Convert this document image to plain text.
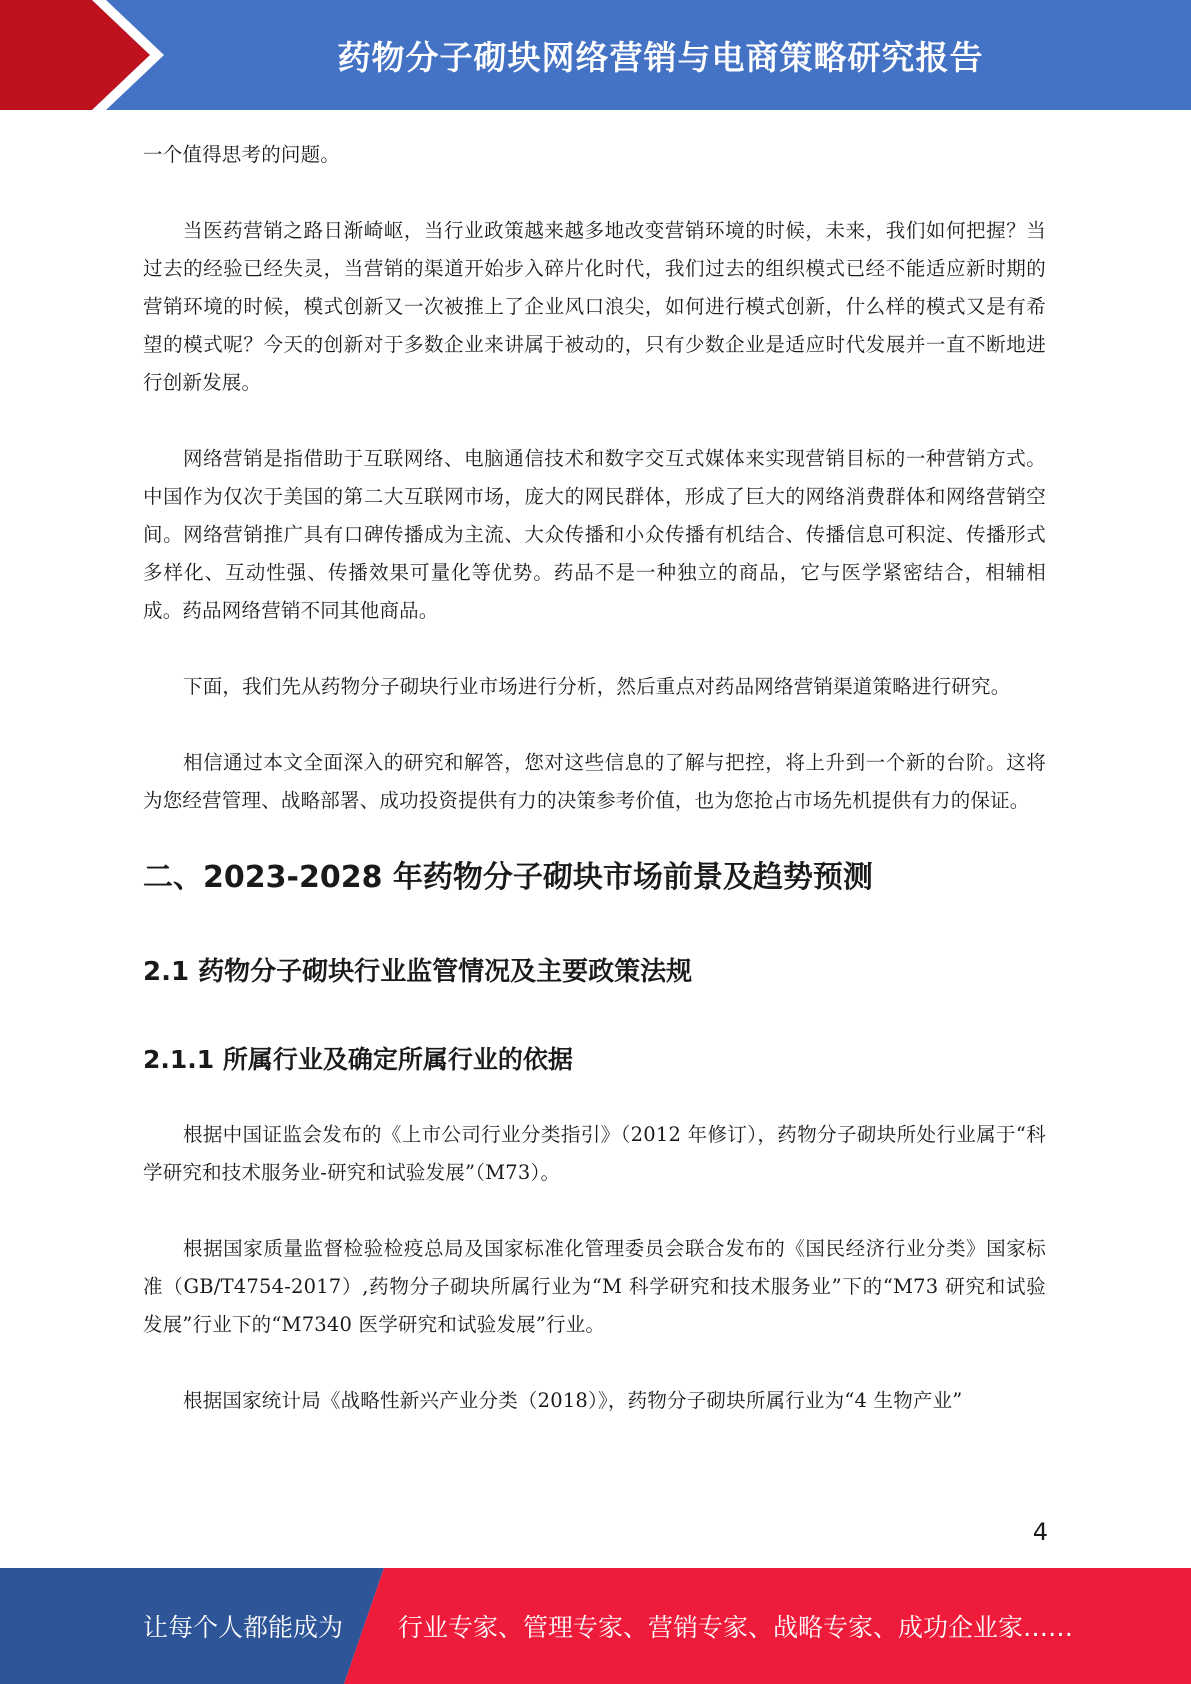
药物分子砌块网络营销与电商策略研究报告

一个值得思考的问题。

当医药营销之路日渐崎岖，当行业政策越来越多地改变营销环境的时候，未来，我们如何把握？当过去的经验已经失灵，当营销的渠道开始步入碎片化时代，我们过去的组织模式已经不能适应新时期的营销环境的时候，模式创新又一次被推上了企业风口浪尖，如何进行模式创新，什么样的模式又是有希望的模式呢？今天的创新对于多数企业来讲属于被动的，只有少数企业是适应时代发展并一直不断地进行创新发展。

网络营销是指借助于互联网络、电脑通信技术和数字交互式媒体来实现营销目标的一种营销方式。中国作为仅次于美国的第二大互联网市场，庞大的网民群体，形成了巨大的网络消费群体和网络营销空间。网络营销推广具有口碑传播成为主流、大众传播和小众传播有机结合、传播信息可积淀、传播形式多样化、互动性强、传播效果可量化等优势。药品不是一种独立的商品，它与医学紧密结合，相辅相成。药品网络营销不同其他商品。

下面，我们先从药物分子砌块行业市场进行分析，然后重点对药品网络营销渠道策略进行研究。

相信通过本文全面深入的研究和解答，您对这些信息的了解与把控，将上升到一个新的台阶。这将为您经营管理、战略部署、成功投资提供有力的决策参考价值，也为您抢占市场先机提供有力的保证。

二、2023-2028 年药物分子砌块市场前景及趋势预测
2.1 药物分子砌块行业监管情况及主要政策法规
2.1.1 所属行业及确定所属行业的依据

根据中国证监会发布的《上市公司行业分类指引》（2012 年修订），药物分子砌块所处行业属于“科学研究和技术服务业-研究和试验发展”（M73）。

根据国家质量监督检验检疫总局及国家标准化管理委员会联合发布的《国民经济行业分类》国家标准（GB/T4754-2017）,药物分子砌块所属行业为“M 科学研究和技术服务业”下的“M73 研究和试验发展”行业下的“M7340 医学研究和试验发展”行业。

根据国家统计局《战略性新兴产业分类（2018）》，药物分子砌块所属行业为“4 生物产业”

4
让每个人都能成为 行业专家、管理专家、营销专家、战略专家、成功企业家……
